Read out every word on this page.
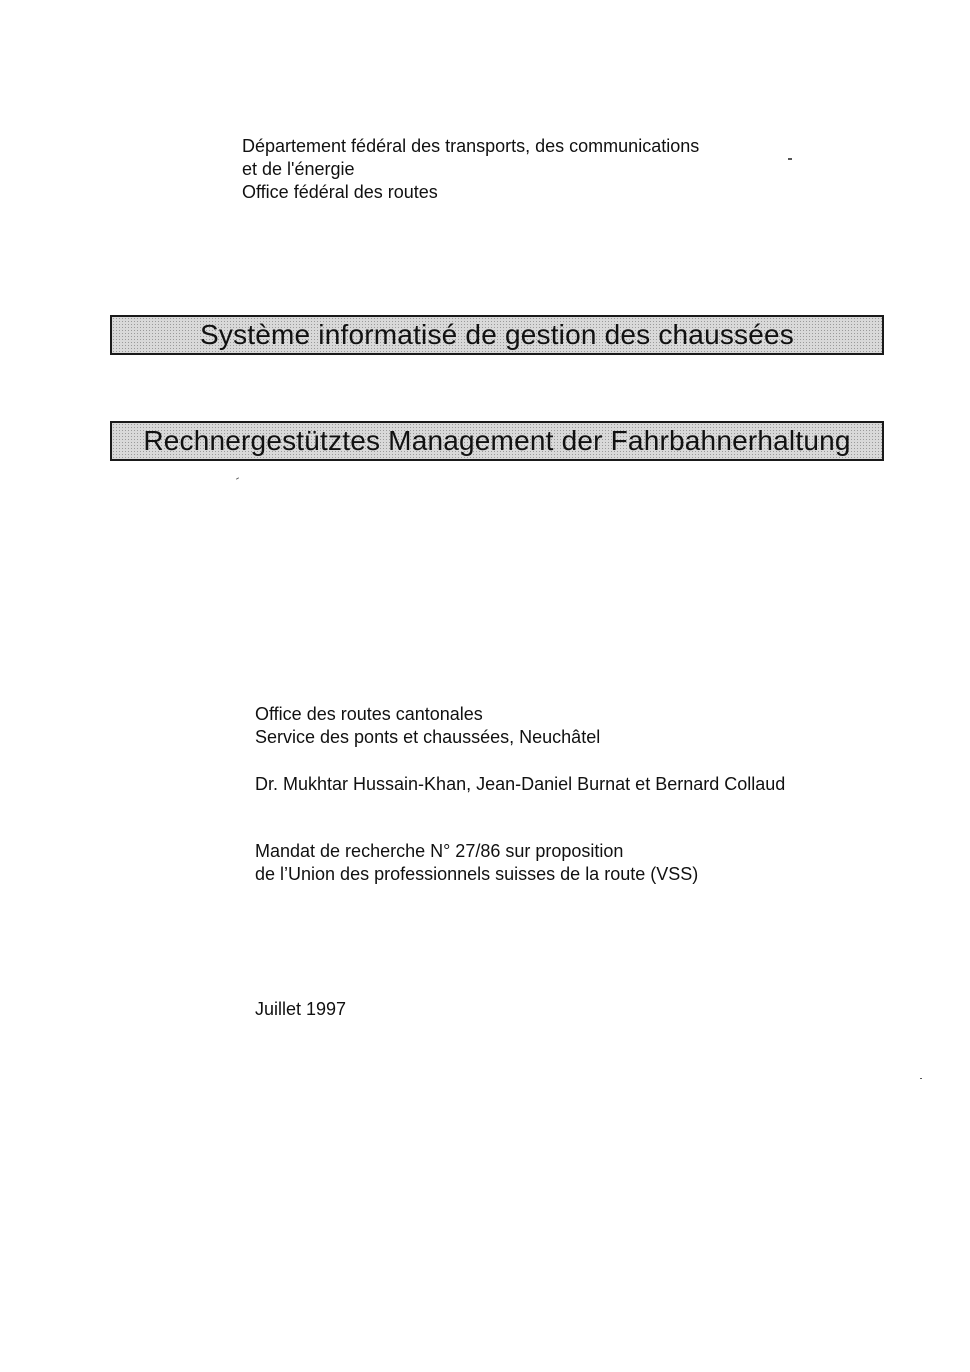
Département fédéral des transports, des communications
et de l'énergie
Office fédéral des routes
Système informatisé de gestion des chaussées
Rechnergestütztes Management der Fahrbahnerhaltung
Office des routes cantonales
Service des ponts et chaussées, Neuchâtel
Dr. Mukhtar Hussain-Khan, Jean-Daniel Burnat et Bernard Collaud
Mandat de recherche N° 27/86 sur proposition
de l’Union des professionnels suisses de la route (VSS)
Juillet 1997
